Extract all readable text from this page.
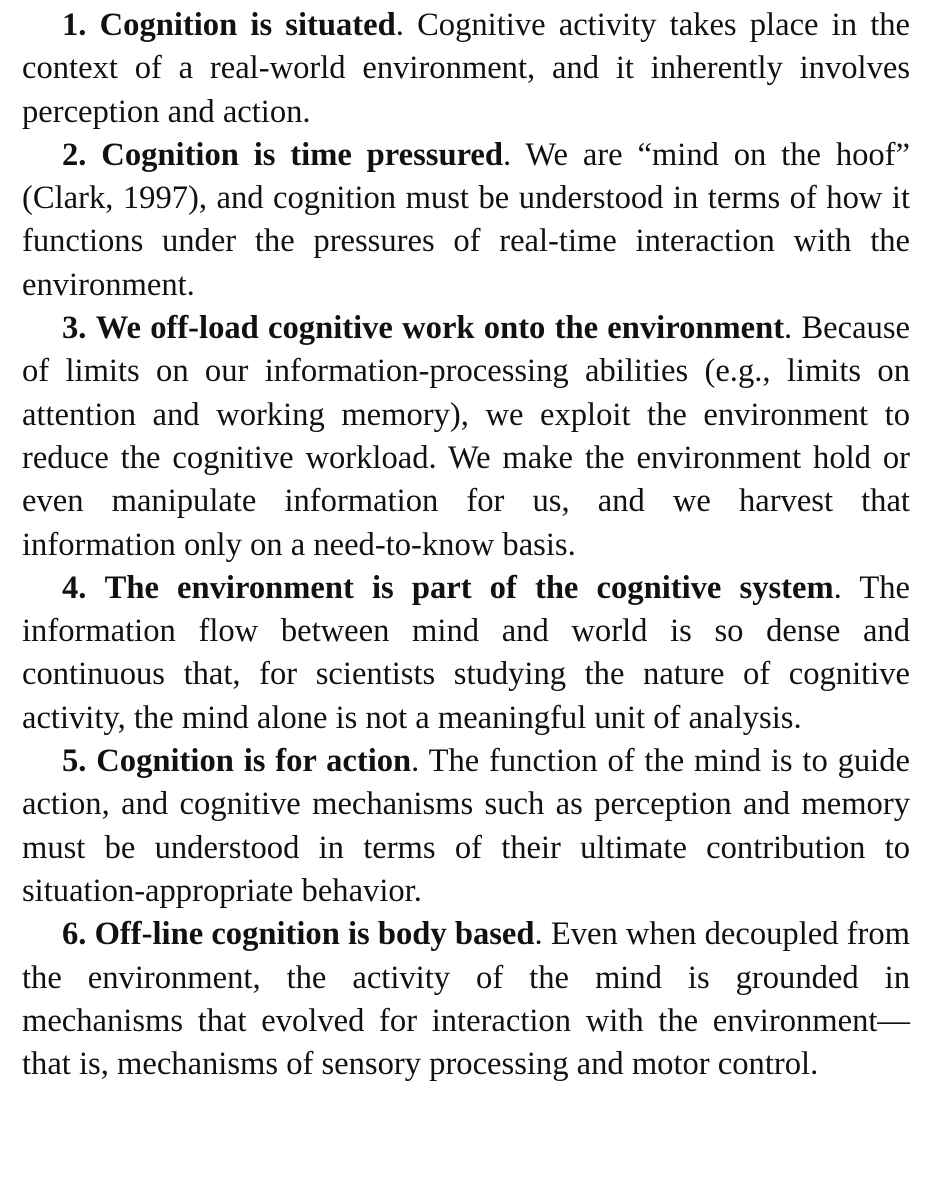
1. Cognition is situated. Cognitive activity takes place in the context of a real-world environment, and it inherently involves perception and action.

2. Cognition is time pressured. We are “mind on the hoof” (Clark, 1997), and cognition must be understood in terms of how it functions under the pressures of real-time interaction with the environment.

3. We off-load cognitive work onto the environment. Because of limits on our information-processing abilities (e.g., limits on attention and working memory), we exploit the environment to reduce the cognitive workload. We make the environment hold or even manipulate information for us, and we harvest that information only on a need-to-know basis.

4. The environment is part of the cognitive system. The information flow between mind and world is so dense and continuous that, for scientists studying the nature of cognitive activity, the mind alone is not a meaningful unit of analysis.

5. Cognition is for action. The function of the mind is to guide action, and cognitive mechanisms such as perception and memory must be understood in terms of their ultimate contribution to situation-appropriate behavior.

6. Off-line cognition is body based. Even when decoupled from the environment, the activity of the mind is grounded in mechanisms that evolved for interaction with the environment—that is, mechanisms of sensory processing and motor control.
